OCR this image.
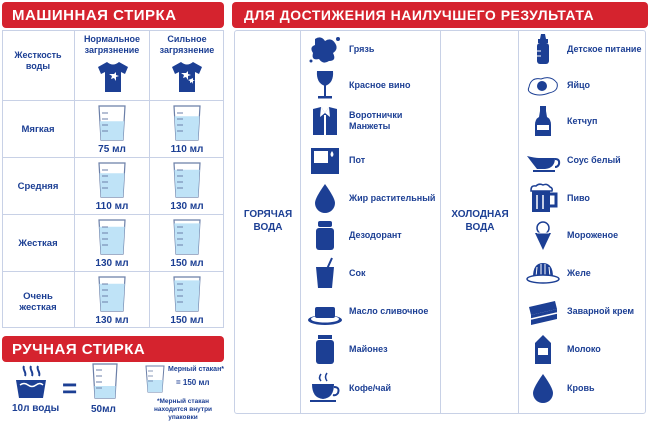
МАШИННАЯ СТИРКА
Жесткость воды
Нормальное загрязнение
Сильное загрязнение
Мягкая
75 мл	110 мл
Средняя
110 мл	130 мл
Жесткая
130 мл	150 мл
Очень жесткая
130 мл	150 мл
РУЧНАЯ СТИРКА
10л воды
=
50мл
Мерный стакан*
= 150 мл
*Мерный стакан находится внутри упаковки
ДЛЯ ДОСТИЖЕНИЯ НАИЛУЧШЕГО РЕЗУЛЬТАТА
ГОРЯЧАЯ ВОДА
ХОЛОДНАЯ ВОДА
Грязь
Красное вино
Воротнички Манжеты
Пот
Жир растительный
Дезодорант
Сок
Масло сливочное
Майонез
Кофе/чай
Детское питание
Яйцо
Кетчуп
Соус белый
Пиво
Мороженое
Желе
Заварной крем
Молоко
Кровь
